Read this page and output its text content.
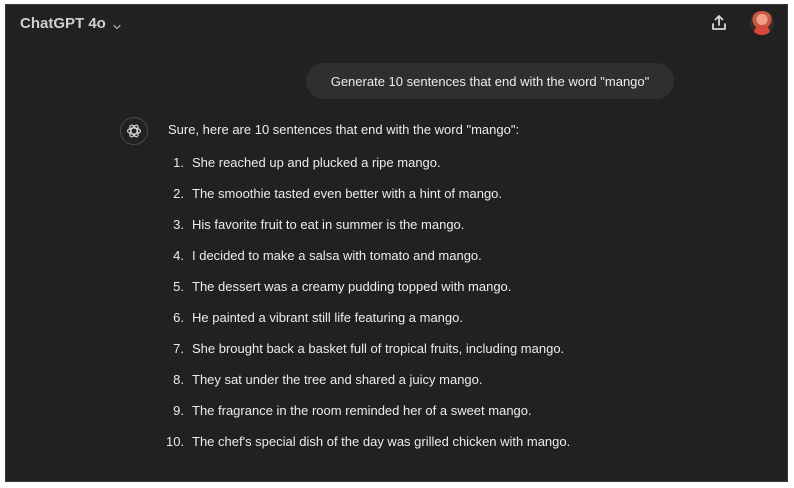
ChatGPT 4o
Generate 10 sentences that end with the word "mango"
Sure, here are 10 sentences that end with the word "mango":
1. She reached up and plucked a ripe mango.
2. The smoothie tasted even better with a hint of mango.
3. His favorite fruit to eat in summer is the mango.
4. I decided to make a salsa with tomato and mango.
5. The dessert was a creamy pudding topped with mango.
6. He painted a vibrant still life featuring a mango.
7. She brought back a basket full of tropical fruits, including mango.
8. They sat under the tree and shared a juicy mango.
9. The fragrance in the room reminded her of a sweet mango.
10. The chef's special dish of the day was grilled chicken with mango.
